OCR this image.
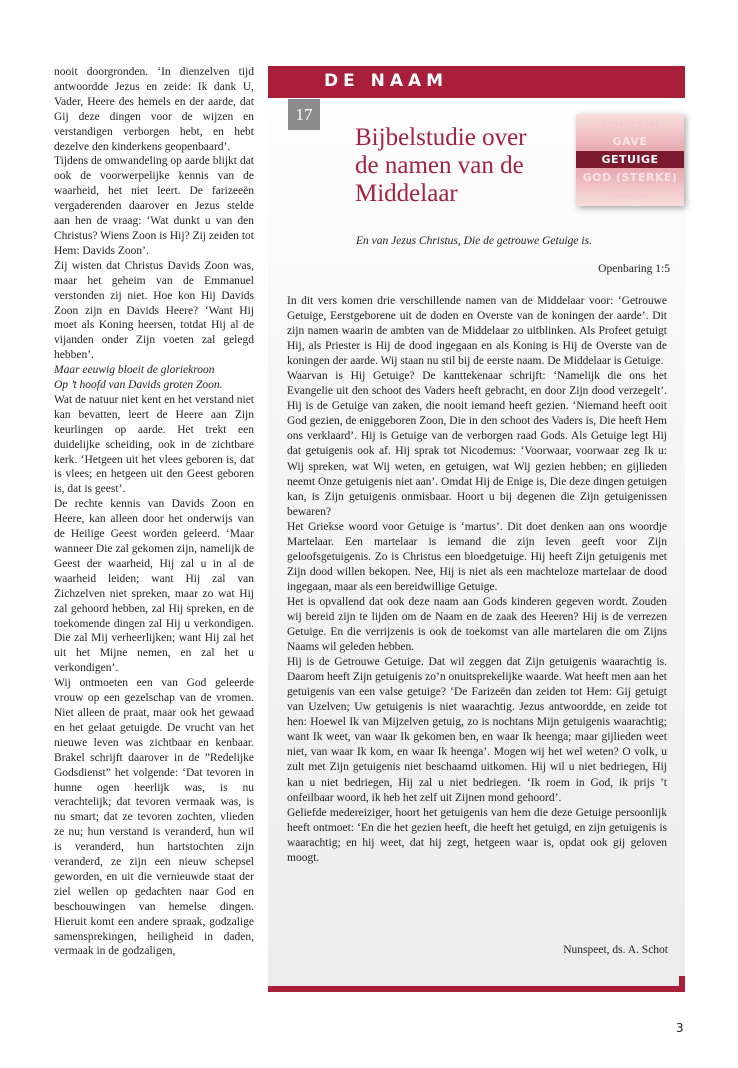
nooit doorgronden. ‘In dienzelven tijd antwoordde Jezus en zeide: Ik dank U, Vader, Heere des hemels en der aarde, dat Gij deze dingen voor de wijzen en verstandigen verborgen hebt, en hebt dezelve den kinderkens geopenbaard’.

Tijdens de omwandeling op aarde blijkt dat ook de voorwerpelijke kennis van de waarheid, het niet leert. De farizeeën vergaderenden daarover en Jezus stelde aan hen de vraag: ‘Wat dunkt u van den Christus? Wiens Zoon is Hij? Zij zeiden tot Hem: Davids Zoon’.

Zij wisten dat Christus Davids Zoon was, maar het geheim van de Emmanuel verstonden zij niet. Hoe kon Hij Davids Zoon zijn en Davids Heere? ‘Want Hij moet als Koning heersen, totdat Hij al de vijanden onder Zijn voeten zal gelegd hebben’.

Maar eeuwig bloeit de gloriekroon

Op ’t hoofd van Davids groten Zoon.

Wat de natuur niet kent en het verstand niet kan bevatten, leert de Heere aan Zijn keurlingen op aarde. Het trekt een duidelijke scheiding, ook in de zichtbare kerk. ‘Hetgeen uit het vlees geboren is, dat is vlees; en hetgeen uit den Geest geboren is, dat is geest’.

De rechte kennis van Davids Zoon en Heere, kan alleen door het onderwijs van de Heilige Geest worden geleerd. ‘Maar wanneer Die zal gekomen zijn, namelijk de Geest der waarheid, Hij zal u in al de waarheid leiden; want Hij zal van Zichzelven niet spreken, maar zo wat Hij zal gehoord hebben, zal Hij spreken, en de toekomende dingen zal Hij u verkondigen. Die zal Mij verheerlijken; want Hij zal het uit het Mijne nemen, en zal het u verkondigen’.

Wij ontmoeten een van God geleerde vrouw op een gezelschap van de vromen. Niet alleen de praat, maar ook het gewaad en het gelaat getuigde. De vrucht van het nieuwe leven was zichtbaar en kenbaar. Brakel schrijft daarover in de ”Redelijke Godsdienst” het volgende: ‘Dat tevoren in hunne ogen heerlijk was, is nu verachtelijk; dat tevoren vermaak was, is nu smart; dat ze tevoren zochten, vlieden ze nu; hun verstand is veranderd, hun wil is veranderd, hun hartstochten zijn veranderd, ze zijn een nieuw schepsel geworden, en uit die vernieuwde staat der ziel wellen op gedachten naar God en beschouwingen van hemelse dingen. Hieruit komt een andere spraak, godzalige samensprekingen, heiligheid in daden, vermaak in de godzaligen,

DE NAAM
17
Bijbelstudie over de namen van de Middelaar
FONTEIN
GAVE
GETUIGE
GOD (STERKE)
HEERE

En van Jezus Christus, Die de getrouwe Getuige is.

Openbaring 1:5

In dit vers komen drie verschillende namen van de Middelaar voor: ‘Getrouwe Getuige, Eerstgeborene uit de doden en Overste van de koningen der aarde’. Dit zijn namen waarin de ambten van de Middelaar zo uitblinken. Als Profeet getuigt Hij, als Priester is Hij de dood ingegaan en als Koning is Hij de Overste van de koningen der aarde. Wij staan nu stil bij de eerste naam. De Middelaar is Getuige.

Waarvan is Hij Getuige? De kanttekenaar schrijft: ‘Namelijk die ons het Evangelie uit den schoot des Vaders heeft gebracht, en door Zijn dood verzegelt’. Hij is de Getuige van zaken, die nooit iemand heeft gezien. ‘Niemand heeft ooit God gezien, de eniggeboren Zoon, Die in den schoot des Vaders is, Die heeft Hem ons verklaard’. Hij is Getuige van de verborgen raad Gods. Als Getuige legt Hij dat getuigenis ook af. Hij sprak tot Nicodemus: ‘Voorwaar, voorwaar zeg Ik u: Wij spreken, wat Wij weten, en getuigen, wat Wij gezien hebben; en gijlieden neemt Onze getuigenis niet aan’. Omdat Hij de Enige is, Die deze dingen getuigen kan, is Zijn getuigenis onmisbaar. Hoort u bij degenen die Zijn getuigenissen bewaren?

Het Griekse woord voor Getuige is ‘martus’. Dit doet denken aan ons woordje Martelaar. Een martelaar is iemand die zijn leven geeft voor Zijn geloofsgetuigenis. Zo is Christus een bloedgetuige. Hij heeft Zijn getuigenis met Zijn dood willen bekopen. Nee, Hij is niet als een machteloze martelaar de dood ingegaan, maar als een bereidwillige Getuige.

Het is opvallend dat ook deze naam aan Gods kinderen gegeven wordt. Zouden wij bereid zijn te lijden om de Naam en de zaak des Heeren? Hij is de verrezen Getuige. En die verrijzenis is ook de toekomst van alle martelaren die om Zijns Naams wil geleden hebben.

Hij is de Getrouwe Getuige. Dat wil zeggen dat Zijn getuigenis waarachtig is. Daarom heeft Zijn getuigenis zo’n onuitsprekelijke waarde. Wat heeft men aan het getuigenis van een valse getuige? ‘De Farizeën dan zeiden tot Hem: Gij getuigt van Uzelven; Uw getuigenis is niet waarachtig. Jezus antwoordde, en zeide tot hen: Hoewel Ik van Mijzelven getuig, zo is nochtans Mijn getuigenis waarachtig; want Ik weet, van waar Ik gekomen ben, en waar Ik heenga; maar gijlieden weet niet, van waar Ik kom, en waar Ik heenga’. Mogen wij het wel weten? O volk, u zult met Zijn getuigenis niet beschaamd uitkomen. Hij wil u niet bedriegen, Hij kan u niet bedriegen, Hij zal u niet bedriegen. ‘Ik roem in God, ik prijs ’t onfeilbaar woord, ik heb het zelf uit Zijnen mond gehoord’.

Geliefde medereiziger, hoort het getuigenis van hem die deze Getuige persoonlijk heeft ontmoet: ‘En die het gezien heeft, die heeft het getuigd, en zijn getuigenis is waarachtig; en hij weet, dat hij zegt, hetgeen waar is, opdat ook gij geloven moogt.

Nunspeet, ds. A. Schot

3
